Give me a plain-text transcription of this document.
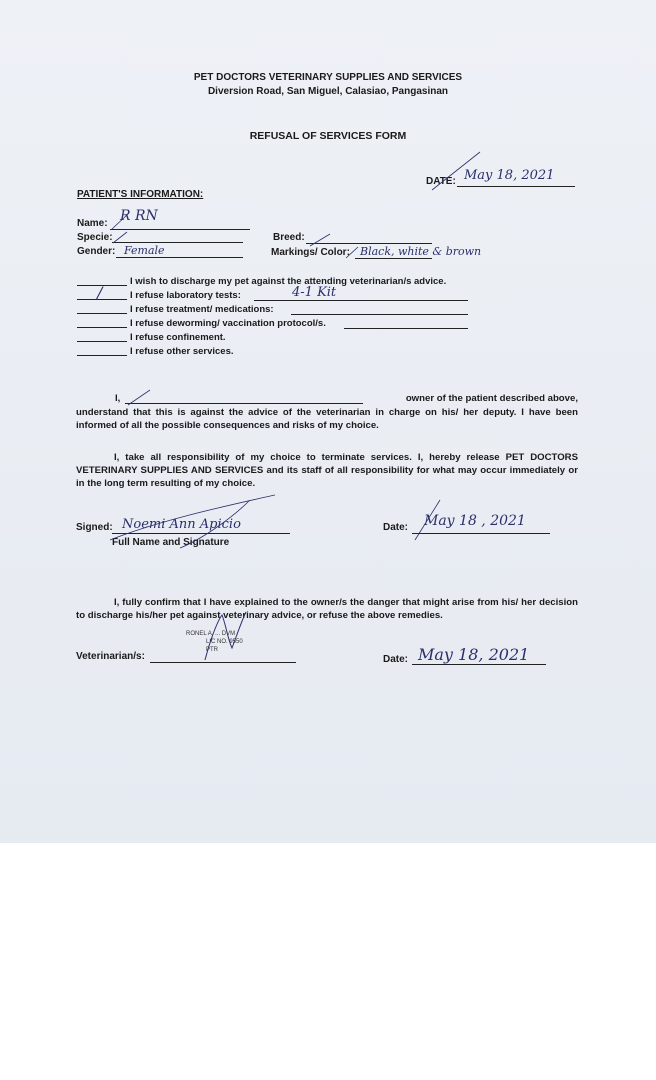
PET DOCTORS VETERINARY SUPPLIES AND SERVICES
Diversion Road, San Miguel, Calasiao, Pangasinan
REFUSAL OF SERVICES FORM
DATE: May 18, 2021
PATIENT'S INFORMATION:
Name: R RN
Specie:
Gender: Female
Breed:
Markings/ Color: Black, white & brown
I wish to discharge my pet against the attending veterinarian/s advice.
/	I refuse laboratory tests:	4-1 Kit
I refuse treatment/ medications:
I refuse deworming/ vaccination protocol/s.
I refuse confinement.
I refuse other services.
I,	owner of the patient described above,

understand that this is against the advice of the veterinarian in charge on his/ her deputy. I have been informed of all the possible consequences and risks of my choice.

I, take all responsibility of my choice to terminate services. I, hereby release PET DOCTORS VETERINARY SUPPLIES AND SERVICES and its staff of all responsibility for what may occur immediately or in the long term resulting of my choice.

Signed: Noemi Ann Apicio
Full Name and Signature
Date: May 18 , 2021

I, fully confirm that I have explained to the owner/s the danger that might arise from his/ her decision to discharge his/her pet against veterinary advice, or refuse the above remedies.

Veterinarian/s:
RONEL A. ... DVM
LIC NO. 9550
PTR
Date: May 18, 2021
